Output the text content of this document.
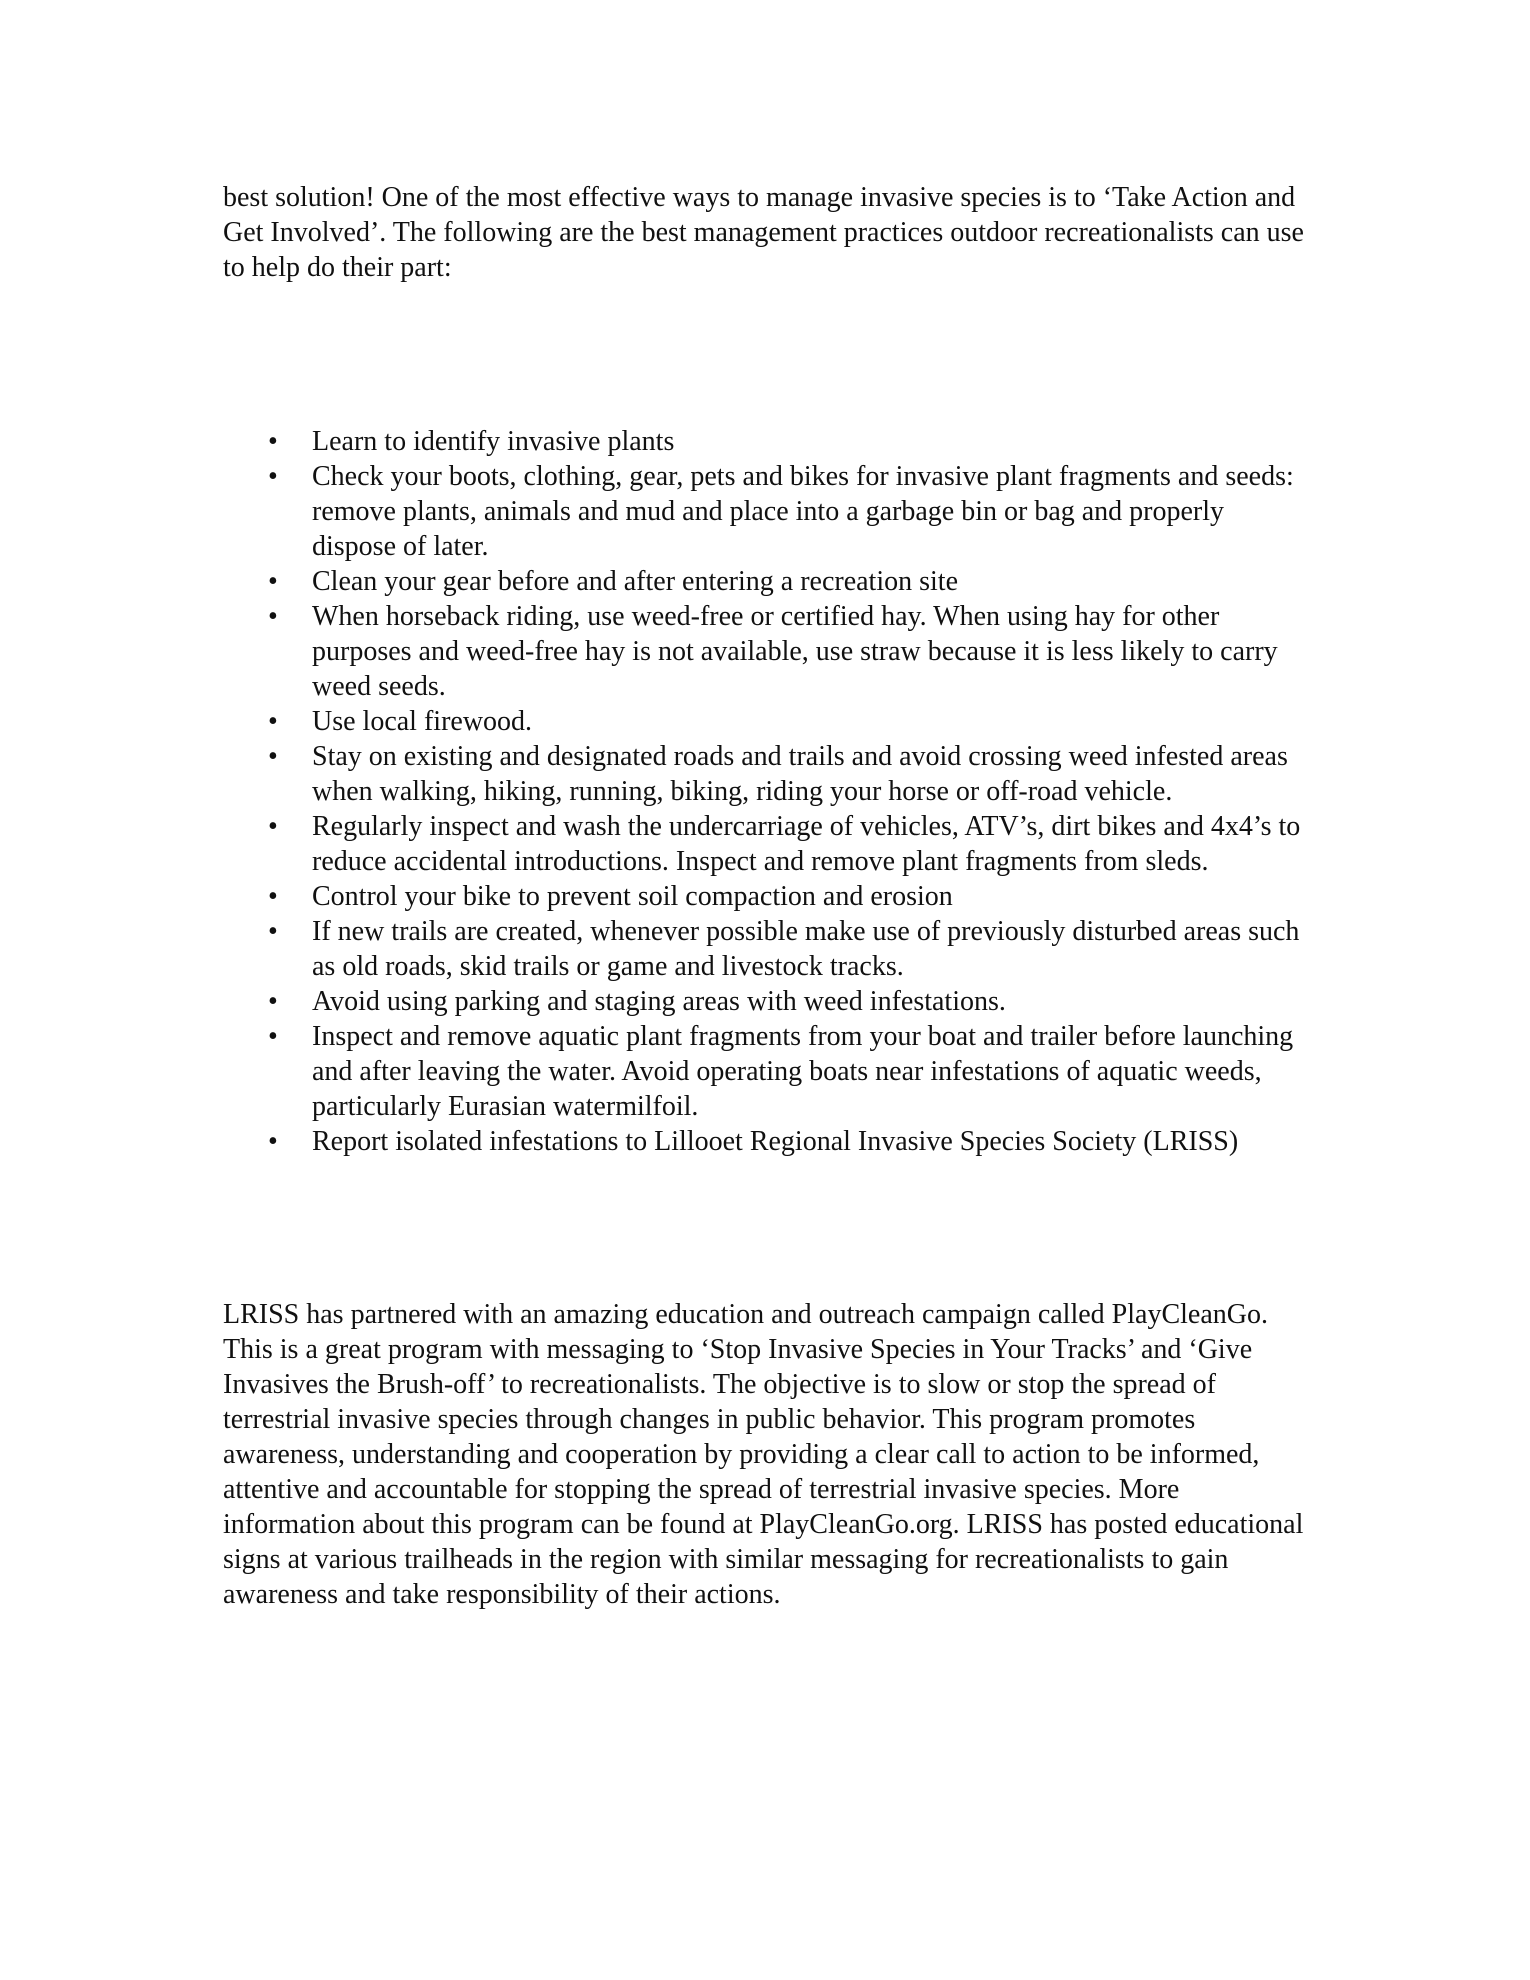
best solution! One of the most effective ways to manage invasive species is to ‘Take Action and Get Involved’. The following are the best management practices outdoor recreationalists can use to help do their part:

• Learn to identify invasive plants
• Check your boots, clothing, gear, pets and bikes for invasive plant fragments and seeds: remove plants, animals and mud and place into a garbage bin or bag and properly dispose of later.
• Clean your gear before and after entering a recreation site
• When horseback riding, use weed-free or certified hay. When using hay for other purposes and weed-free hay is not available, use straw because it is less likely to carry weed seeds.
• Use local firewood.
• Stay on existing and designated roads and trails and avoid crossing weed infested areas when walking, hiking, running, biking, riding your horse or off-road vehicle.
• Regularly inspect and wash the undercarriage of vehicles, ATV’s, dirt bikes and 4x4’s to reduce accidental introductions. Inspect and remove plant fragments from sleds.
• Control your bike to prevent soil compaction and erosion
• If new trails are created, whenever possible make use of previously disturbed areas such as old roads, skid trails or game and livestock tracks.
• Avoid using parking and staging areas with weed infestations.
• Inspect and remove aquatic plant fragments from your boat and trailer before launching and after leaving the water. Avoid operating boats near infestations of aquatic weeds, particularly Eurasian watermilfoil.
• Report isolated infestations to Lillooet Regional Invasive Species Society (LRISS)

LRISS has partnered with an amazing education and outreach campaign called PlayCleanGo. This is a great program with messaging to ‘Stop Invasive Species in Your Tracks’ and ‘Give Invasives the Brush-off’ to recreationalists. The objective is to slow or stop the spread of terrestrial invasive species through changes in public behavior. This program promotes awareness, understanding and cooperation by providing a clear call to action to be informed, attentive and accountable for stopping the spread of terrestrial invasive species. More information about this program can be found at PlayCleanGo.org. LRISS has posted educational signs at various trailheads in the region with similar messaging for recreationalists to gain awareness and take responsibility of their actions.
